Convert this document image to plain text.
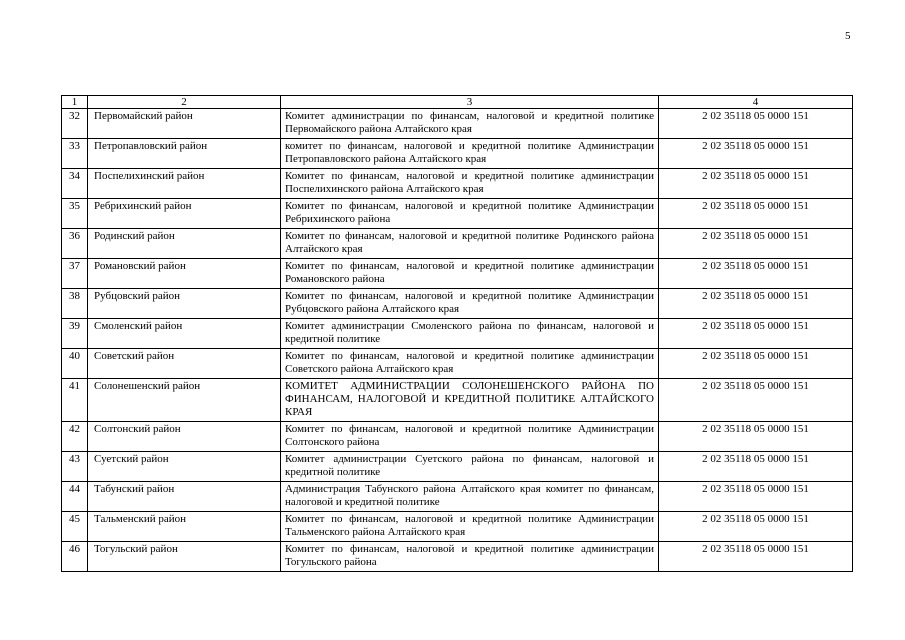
5
1	2	3	4
32	Первомайский район	Комитет администрации по финансам, налоговой и кредитной политике Первомайского района Алтайского края	2 02 35118 05 0000 151
33	Петропавловский район	комитет по финансам, налоговой и кредитной политике Администрации Петропавловского района Алтайского края	2 02 35118 05 0000 151
34	Поспелихинский район	Комитет по финансам, налоговой и кредитной политике администрации Поспелихинского района Алтайского края	2 02 35118 05 0000 151
35	Ребрихинский район	Комитет по финансам, налоговой и кредитной политике Администрации Ребрихинского района	2 02 35118 05 0000 151
36	Родинский район	Комитет по финансам, налоговой и кредитной политике Родинского района Алтайского края	2 02 35118 05 0000 151
37	Романовский район	Комитет по финансам, налоговой и кредитной политике администрации Романовского района	2 02 35118 05 0000 151
38	Рубцовский район	Комитет по финансам, налоговой и кредитной политике Администрации Рубцовского района Алтайского края	2 02 35118 05 0000 151
39	Смоленский район	Комитет администрации Смоленского района по финансам, налоговой и кредитной политике	2 02 35118 05 0000 151
40	Советский район	Комитет по финансам, налоговой и кредитной политике администрации Советского района Алтайского края	2 02 35118 05 0000 151
41	Солонешенский район	КОМИТЕТ АДМИНИСТРАЦИИ СОЛОНЕШЕНСКОГО РАЙОНА ПО ФИНАНСАМ, НАЛОГОВОЙ И КРЕДИТНОЙ ПОЛИТИКЕ АЛТАЙСКОГО КРАЯ	2 02 35118 05 0000 151
42	Солтонский район	Комитет по финансам, налоговой и кредитной политике Администрации Солтонского района	2 02 35118 05 0000 151
43	Суетский район	Комитет администрации Суетского района по финансам, налоговой и кредитной политике	2 02 35118 05 0000 151
44	Табунский район	Администрация Табунского района Алтайского края комитет по финансам, налоговой и кредитной политике	2 02 35118 05 0000 151
45	Тальменский район	Комитет по финансам, налоговой и кредитной политике Администрации Тальменского района Алтайского края	2 02 35118 05 0000 151
46	Тогульский район	Комитет по финансам, налоговой и кредитной политике администрации Тогульского района	2 02 35118 05 0000 151
